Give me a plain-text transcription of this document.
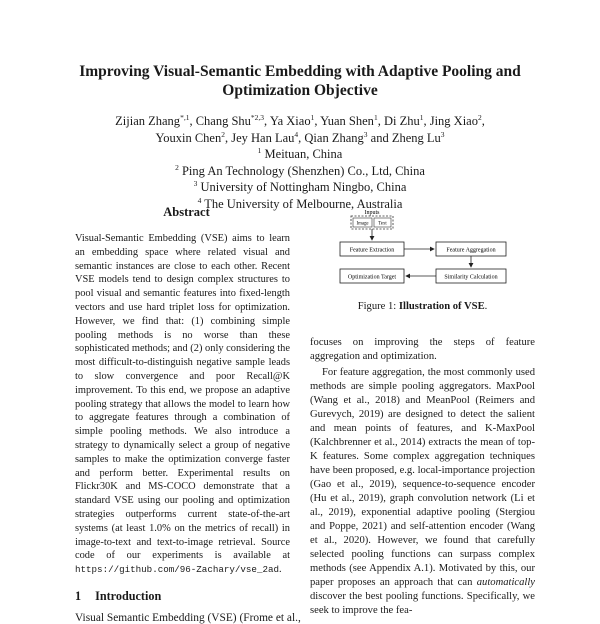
Improving Visual-Semantic Embedding with Adaptive Pooling and
Optimization Objective
Zijian Zhang$^{*,1}$, Chang Shu$^{*2,3}$, Ya Xiao$^1$, Yuan Shen$^1$, Di Zhu$^1$, Jing Xiao$^2$,
Youxin Chen$^2$, Jey Han Lau$^4$, Qian Zhang$^3$ and Zheng Lu$^3$
$^1$ Meituan, China
$^2$ Ping An Technology (Shenzhen) Co., Ltd, China
$^3$ University of Nottingham Ningbo, China
$^4$ The University of Melbourne, Australia
Abstract
Visual-Semantic Embedding (VSE) aims to learn an embedding space where related visual and semantic instances are close to each other. Recent VSE models tend to design complex structures to pool visual and semantic features into fixed-length vectors and use hard triplet loss for optimization. However, we find that: (1) combining simple pooling methods is no worse than these sophisticated methods; and (2) only considering the most difficult-to-distinguish negative sample leads to slow convergence and poor Recall@K improvement. To this end, we propose an adaptive pooling strategy that allows the model to learn how to aggregate features through a combination of simple pooling methods. We also introduce a strategy to dynamically select a group of negative samples to make the optimization converge faster and perform better. Experimental results on Flickr30K and MS-COCO demonstrate that a standard VSE using our pooling and optimization strategies outperforms current state-of-the-art systems (at least 1.0% on the metrics of recall) in image-to-text and text-to-image retrieval. Source code of our experiments is available at https://github.com/96-Zachary/vse_2ad.
1 Introduction
Visual Semantic Embedding (VSE) (Frome et al.,
Inputs
Image Text
Feature Extraction	Feature Aggregation
Similarity Calculation
Optimization Target
Figure 1: Illustration of VSE.

focuses on improving the steps of feature aggregation and optimization.

For feature aggregation, the most commonly used methods are simple pooling aggregators. MaxPool (Wang et al., 2018) and MeanPool (Reimers and Gurevych, 2019) are designed to detect the salient and mean points of features, and K-MaxPool (Kalchbrenner et al., 2014) extracts the mean of top-K features. Some complex aggregation techniques have been proposed, e.g. local-importance projection (Gao et al., 2019), sequence-to-sequence encoder (Hu et al., 2019), graph convolution network (Li et al., 2019), exponential adaptive pooling (Stergiou and Poppe, 2021) and self-attention encoder (Wang et al., 2020). However, we found that carefully selected pooling functions can surpass complex methods (see Appendix A.1). Motivated by this, our paper proposes an approach that can automatically discover the best pooling functions. Specifically, we seek to improve the fea-
